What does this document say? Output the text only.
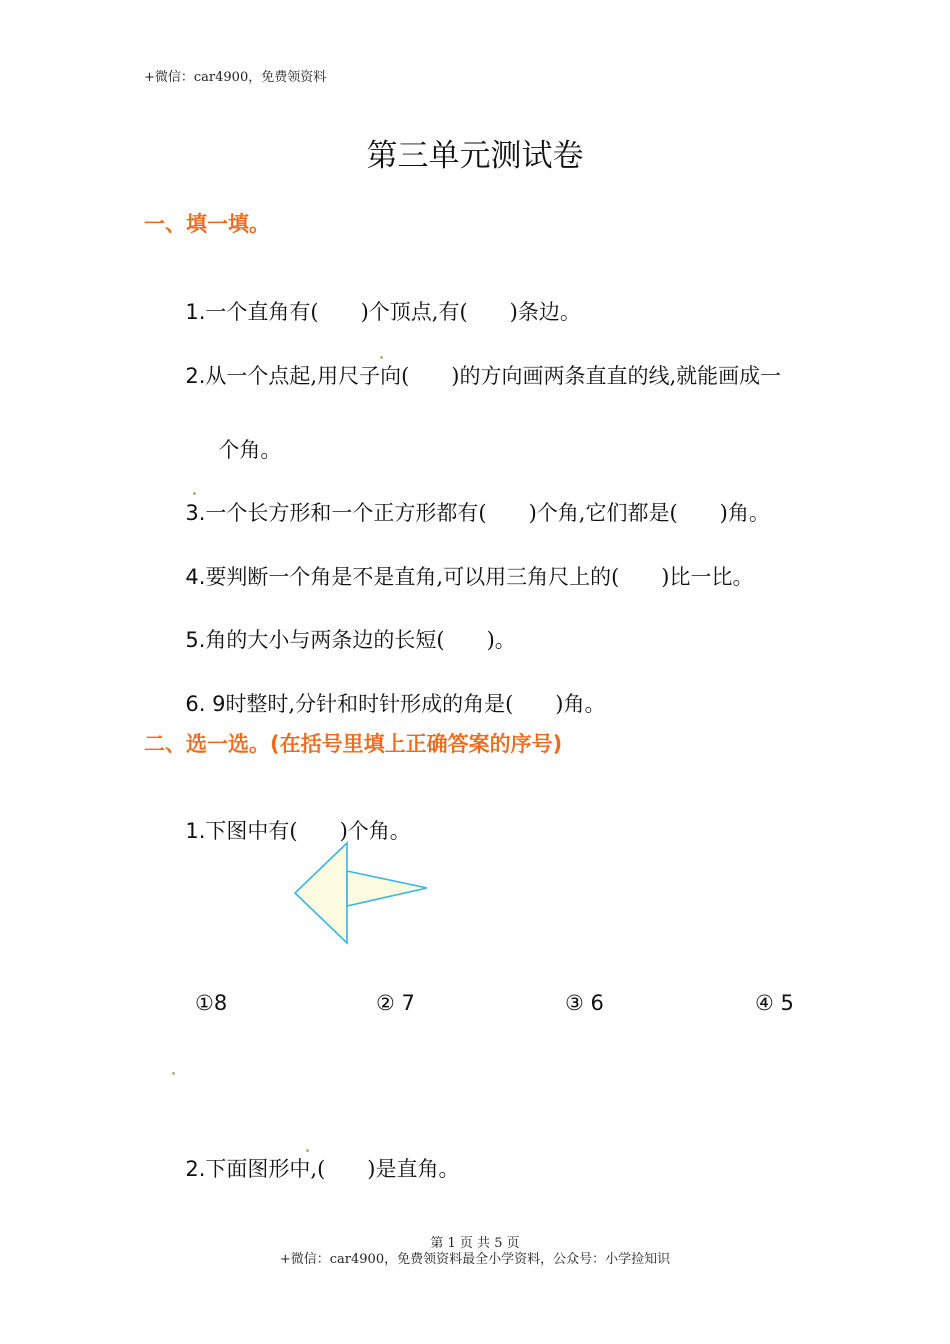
+微信：car4900，免费领资料
第三单元测试卷
一、填一填。

1.一个直角有(　　)个顶点,有(　　)条边。

2.从一个点起,用尺子向(　　)的方向画两条直直的线,就能画成一

个角。

3.一个长方形和一个正方形都有(　　)个角,它们都是(　　)角。

4.要判断一个角是不是直角,可以用三角尺上的(　　)比一比。

5.角的大小与两条边的长短(　　)。

6. 9时整时,分针和时针形成的角是(　　)角。

二、选一选。(在括号里填上正确答案的序号)

1.下图中有(　　)个角。

①8	② 7	③ 6	④ 5

2.下面图形中,(　　)是直角。

第 1 页 共 5 页
+微信：car4900，免费领资料最全小学资料，公众号：小学捡知识
